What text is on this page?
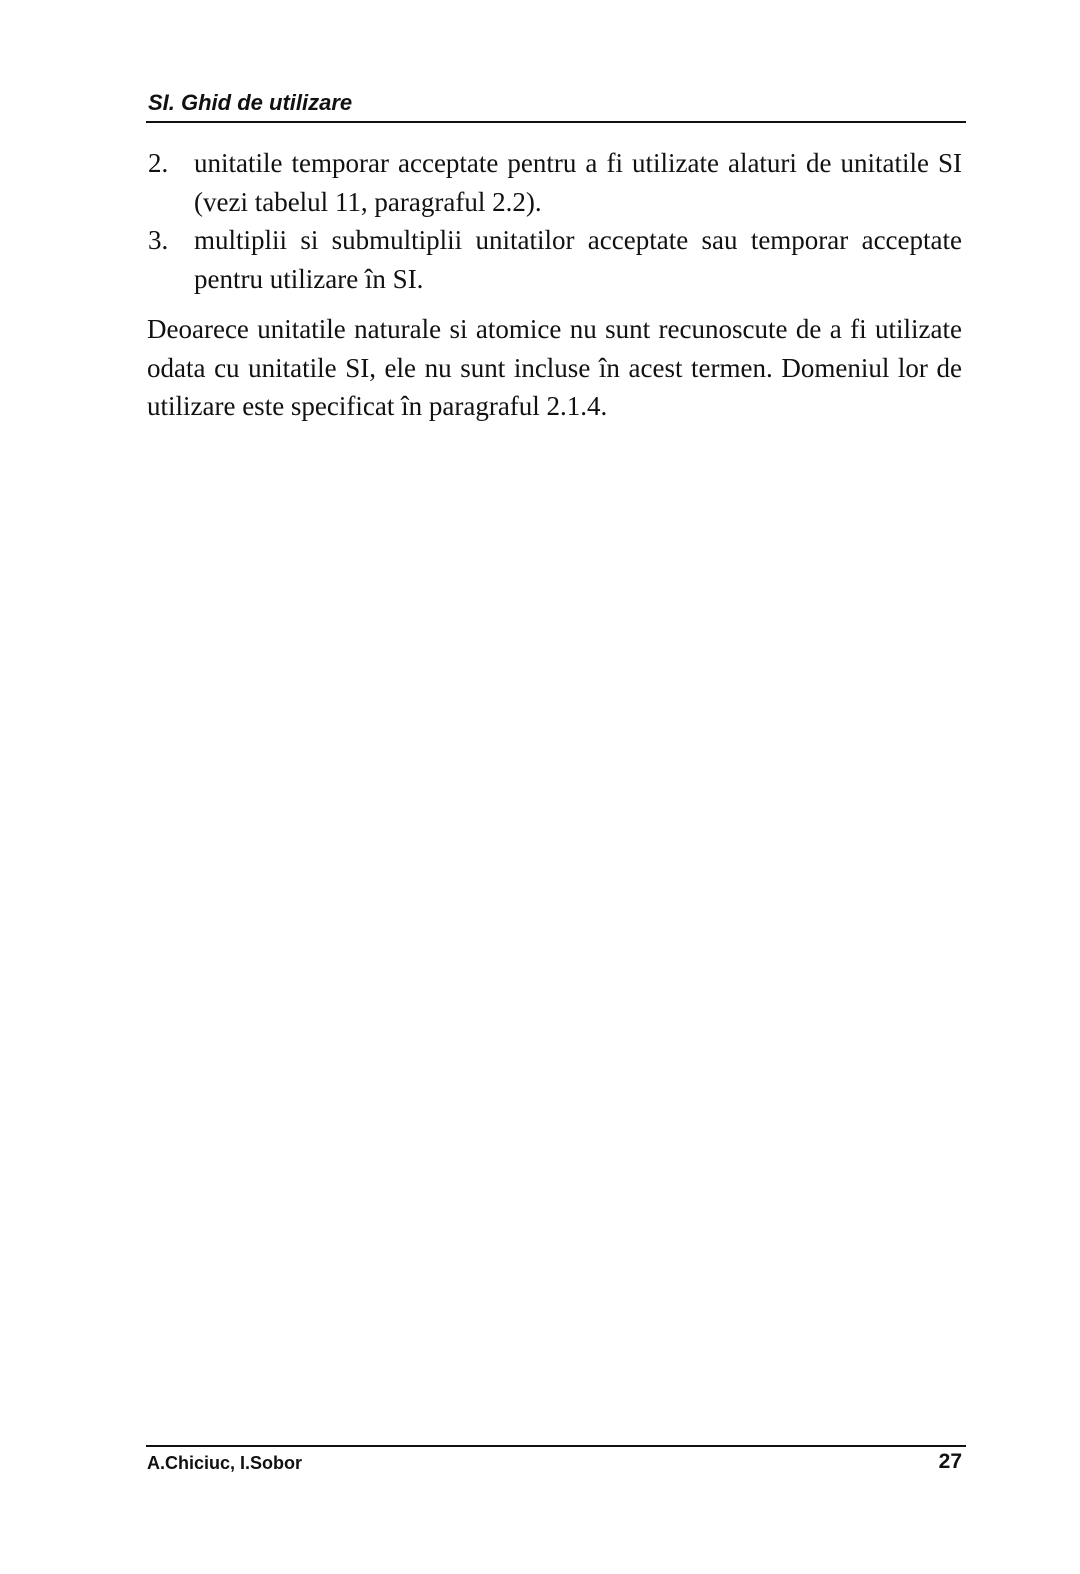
SI. Ghid de utilizare
2. unitatile temporar acceptate pentru a fi utilizate alaturi de unitatile SI (vezi tabelul 11, paragraful 2.2).
3. multiplii si submultiplii unitatilor acceptate sau temporar acceptate pentru utilizare în SI.

Deoarece unitatile naturale si atomice nu sunt recunoscute de a fi utilizate odata cu unitatile SI, ele nu sunt incluse în acest termen. Domeniul lor de utilizare este specificat în paragraful 2.1.4.

A.Chiciuc, I.Sobor	27
